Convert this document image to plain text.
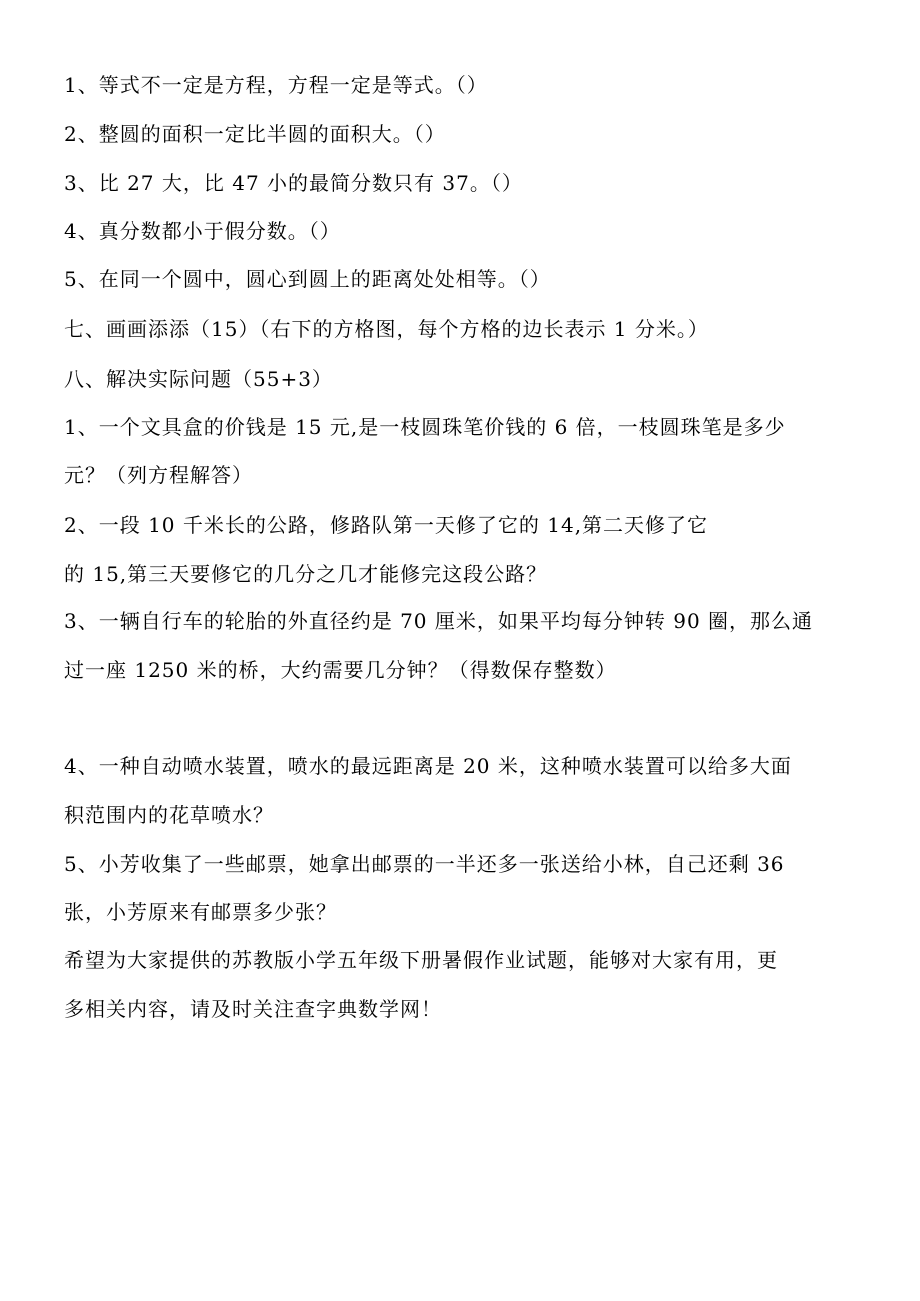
1、等式不一定是方程，方程一定是等式。（）
2、整圆的面积一定比半圆的面积大。（）
3、比 27 大，比 47 小的最简分数只有 37。（）
4、真分数都小于假分数。（）
5、在同一个圆中，圆心到圆上的距离处处相等。（）
七、画画添添（15）（右下的方格图，每个方格的边长表示 1 分米。）
八、解决实际问题（55+3）
1、一个文具盒的价钱是 15 元,是一枝圆珠笔价钱的 6 倍，一枝圆珠笔是多少
元？（列方程解答）
2、一段 10 千米长的公路，修路队第一天修了它的 14,第二天修了它
的 15,第三天要修它的几分之几才能修完这段公路？
3、一辆自行车的轮胎的外直径约是 70 厘米，如果平均每分钟转 90 圈，那么通
过一座 1250 米的桥，大约需要几分钟？（得数保存整数）
4、一种自动喷水装置，喷水的最远距离是 20 米，这种喷水装置可以给多大面
积范围内的花草喷水？
5、小芳收集了一些邮票，她拿出邮票的一半还多一张送给小林，自己还剩 36
张，小芳原来有邮票多少张？
希望为大家提供的苏教版小学五年级下册暑假作业试题，能够对大家有用，更
多相关内容，请及时关注查字典数学网！
